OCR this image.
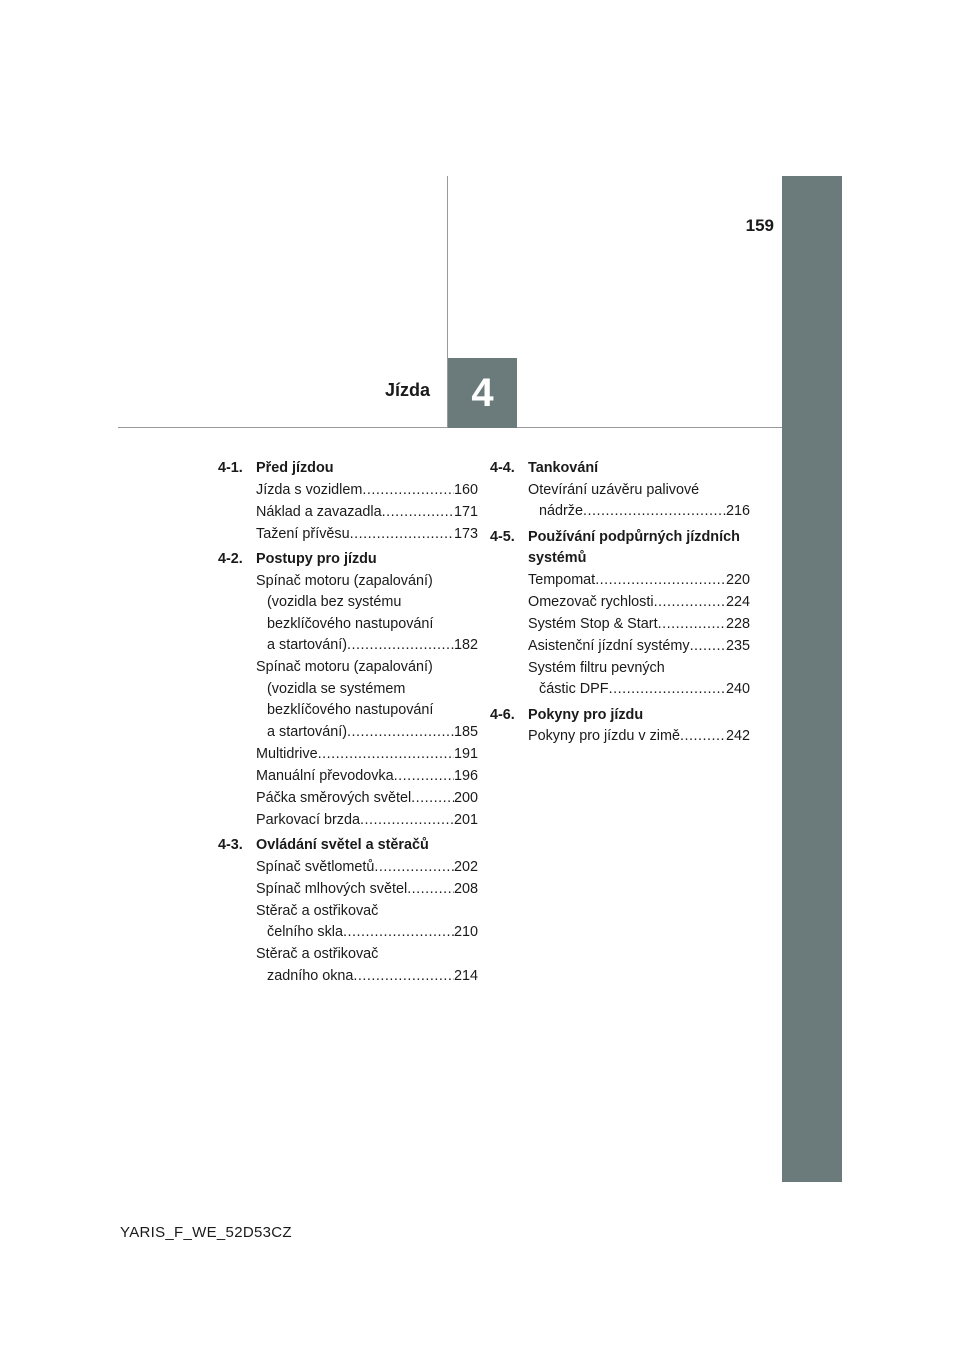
159
Jízda 4
4-1. Před jízdou
Jízda s vozidlem .....	160
Náklad a zavazadla .....	171
Tažení přívěsu .....	173
4-2. Postupy pro jízdu
Spínač motoru (zapalování)
(vozidla bez systému
bezklíčového nastupování
a startování) .....	182
Spínač motoru (zapalování)
(vozidla se systémem
bezklíčového nastupování
a startování) .....	185
Multidrive .....	191
Manuální převodovka .....	196
Páčka směrových světel .....	200
Parkovací brzda .....	201
4-3. Ovládání světel a stěračů
Spínač světlometů .....	202
Spínač mlhových světel .....	208
Stěrač a ostřikovač
čelního skla .....	210
Stěrač a ostřikovač
zadního okna .....	214
4-4. Tankování
Otevírání uzávěru palivové
nádrže .....	216
4-5. Používání podpůrných jízdních systémů
Tempomat .....	220
Omezovač rychlosti .....	224
Systém Stop & Start .....	228
Asistenční jízdní systémy .....	235
Systém filtru pevných
částic DPF .....	240
4-6. Pokyny pro jízdu
Pokyny pro jízdu v zimě .....	242
YARIS_F_WE_52D53CZ
